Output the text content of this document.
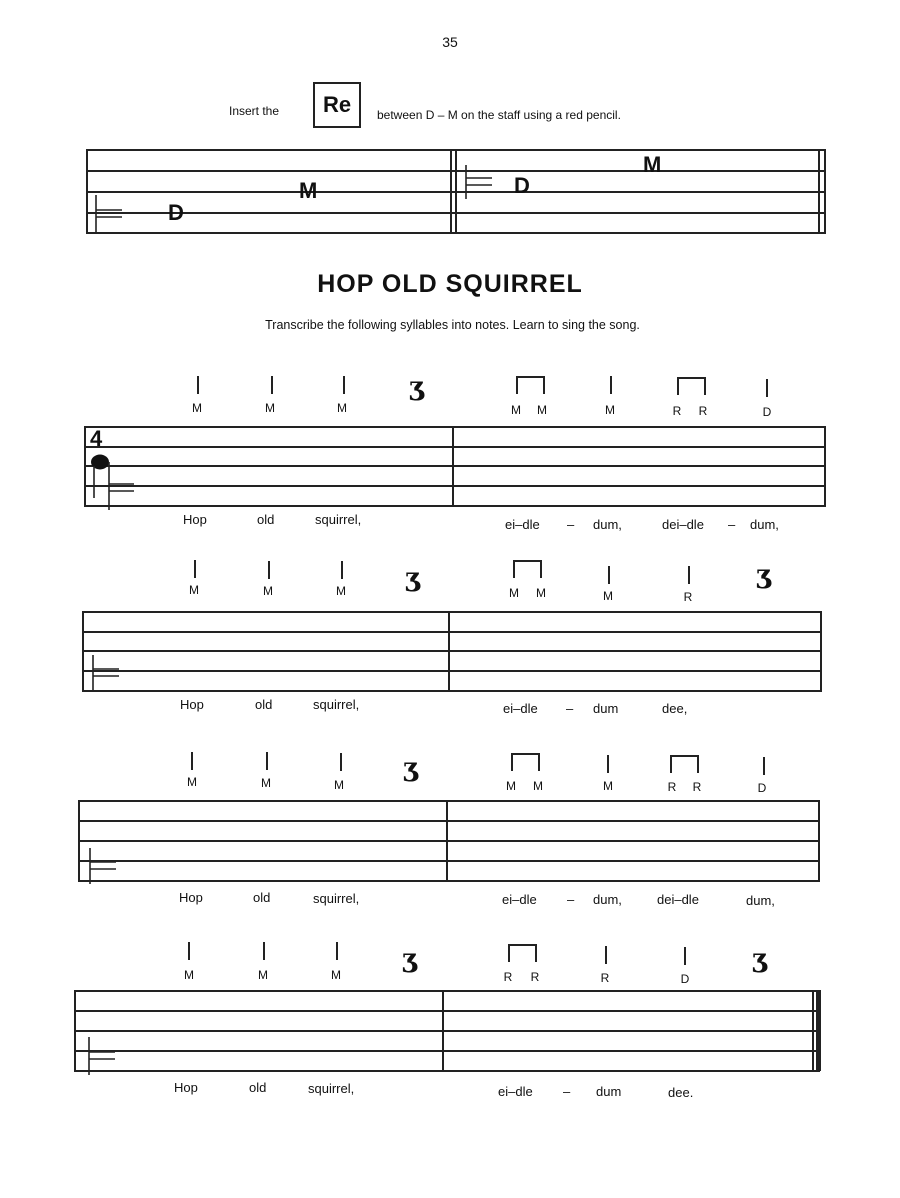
35
Insert the	Re	between D – M on the staff using a red pencil.
D
M	D
M
HOP OLD SQUIRREL
Transcribe the following syllables into notes. Learn to sing the song.
ʒ
M	M	M	M	M	M	R	R	D
4
Hop	old	squirrel,	ei–dle – dum,	dei–dle – dum,
ʒ	ʒ
M	M	M	M	M	M	R
Hop	old	squirrel,	ei–dle – dum	dee,
ʒ
M	M	M	M	M	M	R	R	D
Hop	old	squirrel,	ei–dle – dum,	dei–dle	dum,
ʒ	ʒ
M	M	M	R	R	R	D
Hop	old	squirrel,	ei–dle – dum	dee.
